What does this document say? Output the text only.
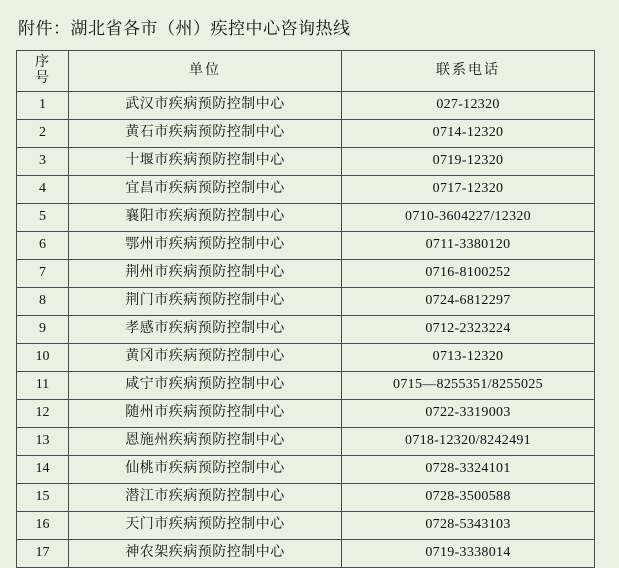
附件：湖北省各市（州）疾控中心咨询热线
序
号	单位	联系电话
1	武汉市疾病预防控制中心	027-12320
2	黄石市疾病预防控制中心	0714-12320
3	十堰市疾病预防控制中心	0719-12320
4	宜昌市疾病预防控制中心	0717-12320
5	襄阳市疾病预防控制中心	0710-3604227/12320
6	鄂州市疾病预防控制中心	0711-3380120
7	荆州市疾病预防控制中心	0716-8100252
8	荆门市疾病预防控制中心	0724-6812297
9	孝感市疾病预防控制中心	0712-2323224
10	黄冈市疾病预防控制中心	0713-12320
11	咸宁市疾病预防控制中心	0715—8255351/8255025
12	随州市疾病预防控制中心	0722-3319003
13	恩施州疾病预防控制中心	0718-12320/8242491
14	仙桃市疾病预防控制中心	0728-3324101
15	潜江市疾病预防控制中心	0728-3500588
16	天门市疾病预防控制中心	0728-5343103
17	神农架疾病预防控制中心	0719-3338014
